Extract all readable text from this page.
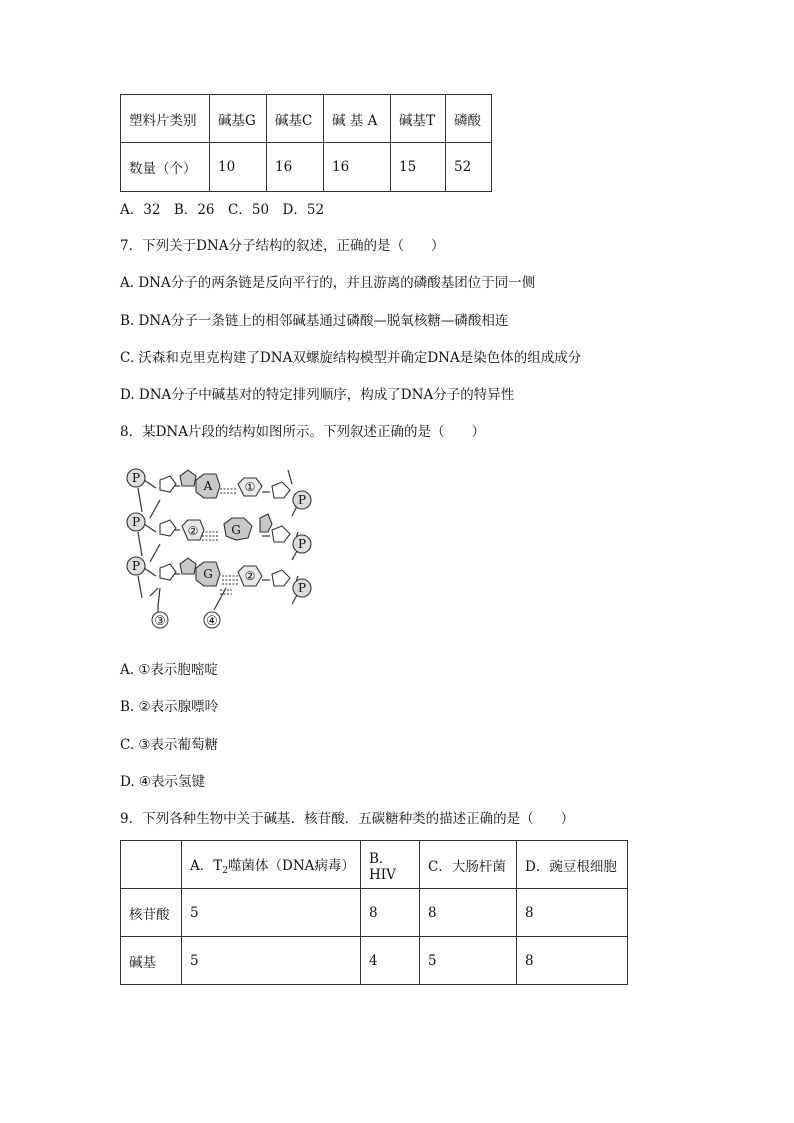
塑料片类别	碱基G	碱基C	碱 基 A	碱基T	磷酸
数量（个）	10	16	16	15	52
A．32　B．26　C．50　D．52
7．下列关于DNA分子结构的叙述，正确的是（　　）
A. DNA分子的两条链是反向平行的，并且游离的磷酸基团位于同一侧
B. DNA分子一条链上的相邻碱基通过磷酸—脱氧核糖—磷酸相连
C. 沃森和克里克构建了DNA双螺旋结构模型并确定DNA是染色体的组成成分
D. DNA分子中碱基对的特定排列顺序，构成了DNA分子的特异性
8．某DNA片段的结构如图所示。下列叙述正确的是（　　）
P
P
P
P
P
P
A	①
②	G
G	②
③	④
A. ①表示胞嘧啶
B. ②表示腺嘌呤
C. ③表示葡萄糖
D. ④表示氢键
9．下列各种生物中关于碱基．核苷酸．五碳糖种类的描述正确的是（　　）
	A．$T_2$噬菌体（DNA病毒）	B．HIV	C．大肠杆菌	D．豌豆根细胞
核苷酸	5	8	8	8
碱基	5	4	5	8
